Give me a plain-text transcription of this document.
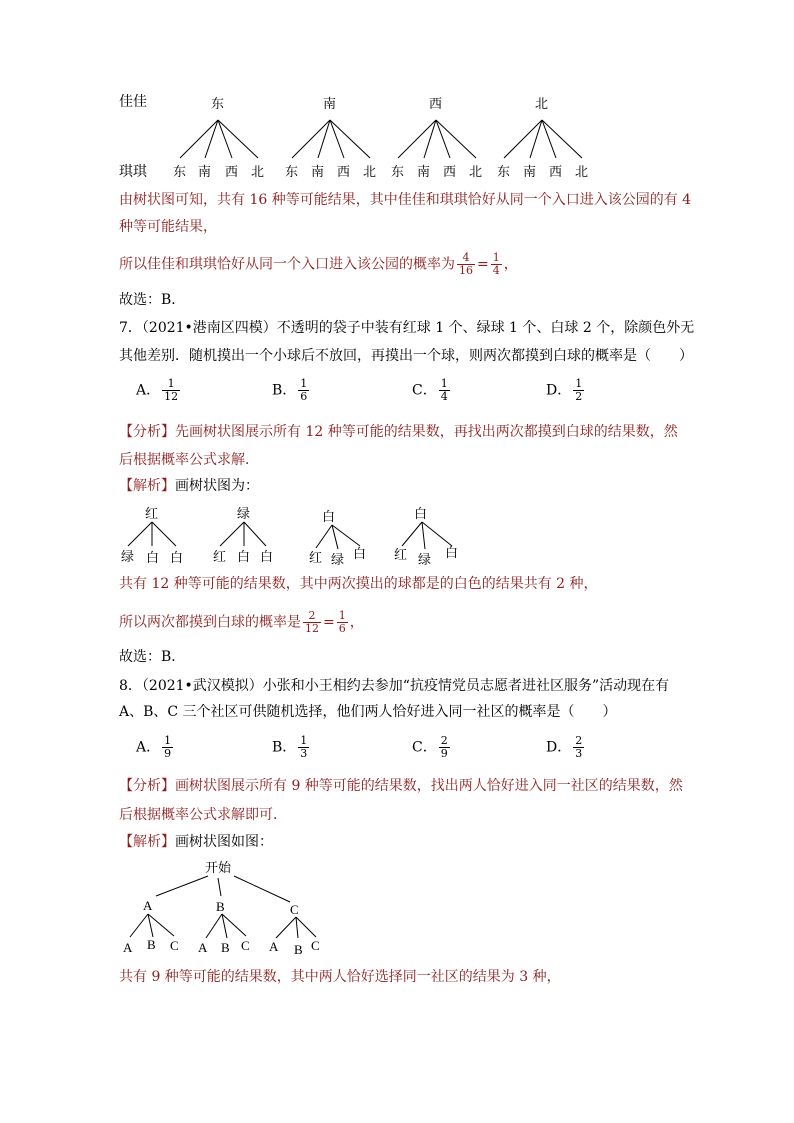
佳佳
琪琪
东	南	西	北
东 南 西 北 东 南 西 北 东 南 西 北 东 南 西 北
红	绿	白	白
绿 白 白 红 白 白	红 绿 白 红 绿 白
开始
A	B	C
A B C A B C A B C
由树状图可知，共有 16 种等可能结果，其中佳佳和琪琪恰好从同一个入口进入该公园的有 4
种等可能结果，
所以佳佳和琪琪恰好从同一个入口进入该公园的概率为 $\frac{4}{16} = \frac{1}{4}$ ，
故选：B．
7．（2021•港南区四模）不透明的袋子中装有红球 1 个、绿球 1 个、白球 2 个，除颜色外无
其他差别．随机摸出一个小球后不放回，再摸出一个球，则两次都摸到白球的概率是（　　）
A． $\frac{1}{12}$	B． $\frac{1}{6}$	C． $\frac{1}{4}$	D． $\frac{1}{2}$
【分析】先画树状图展示所有 12 种等可能的结果数，再找出两次都摸到白球的结果数，然
后根据概率公式求解．
【解析】画树状图为：
共有 12 种等可能的结果数，其中两次摸出的球都是的白色的结果共有 2 种，
所以两次都摸到白球的概率是 $\frac{2}{12} = \frac{1}{6}$ ，
故选：B．
8．（2021•武汉模拟）小张和小王相约去参加“抗疫情党员志愿者进社区服务”活动现在有
A、B、C 三个社区可供随机选择，他们两人恰好进入同一社区的概率是（　　）
A． $\frac{1}{9}$	B． $\frac{1}{3}$	C． $\frac{2}{9}$	D． $\frac{2}{3}$
【分析】画树状图展示所有 9 种等可能的结果数，找出两人恰好进入同一社区的结果数，然
后根据概率公式求解即可．
【解析】画树状图如图：
共有 9 种等可能的结果数，其中两人恰好选择同一社区的结果为 3 种，
